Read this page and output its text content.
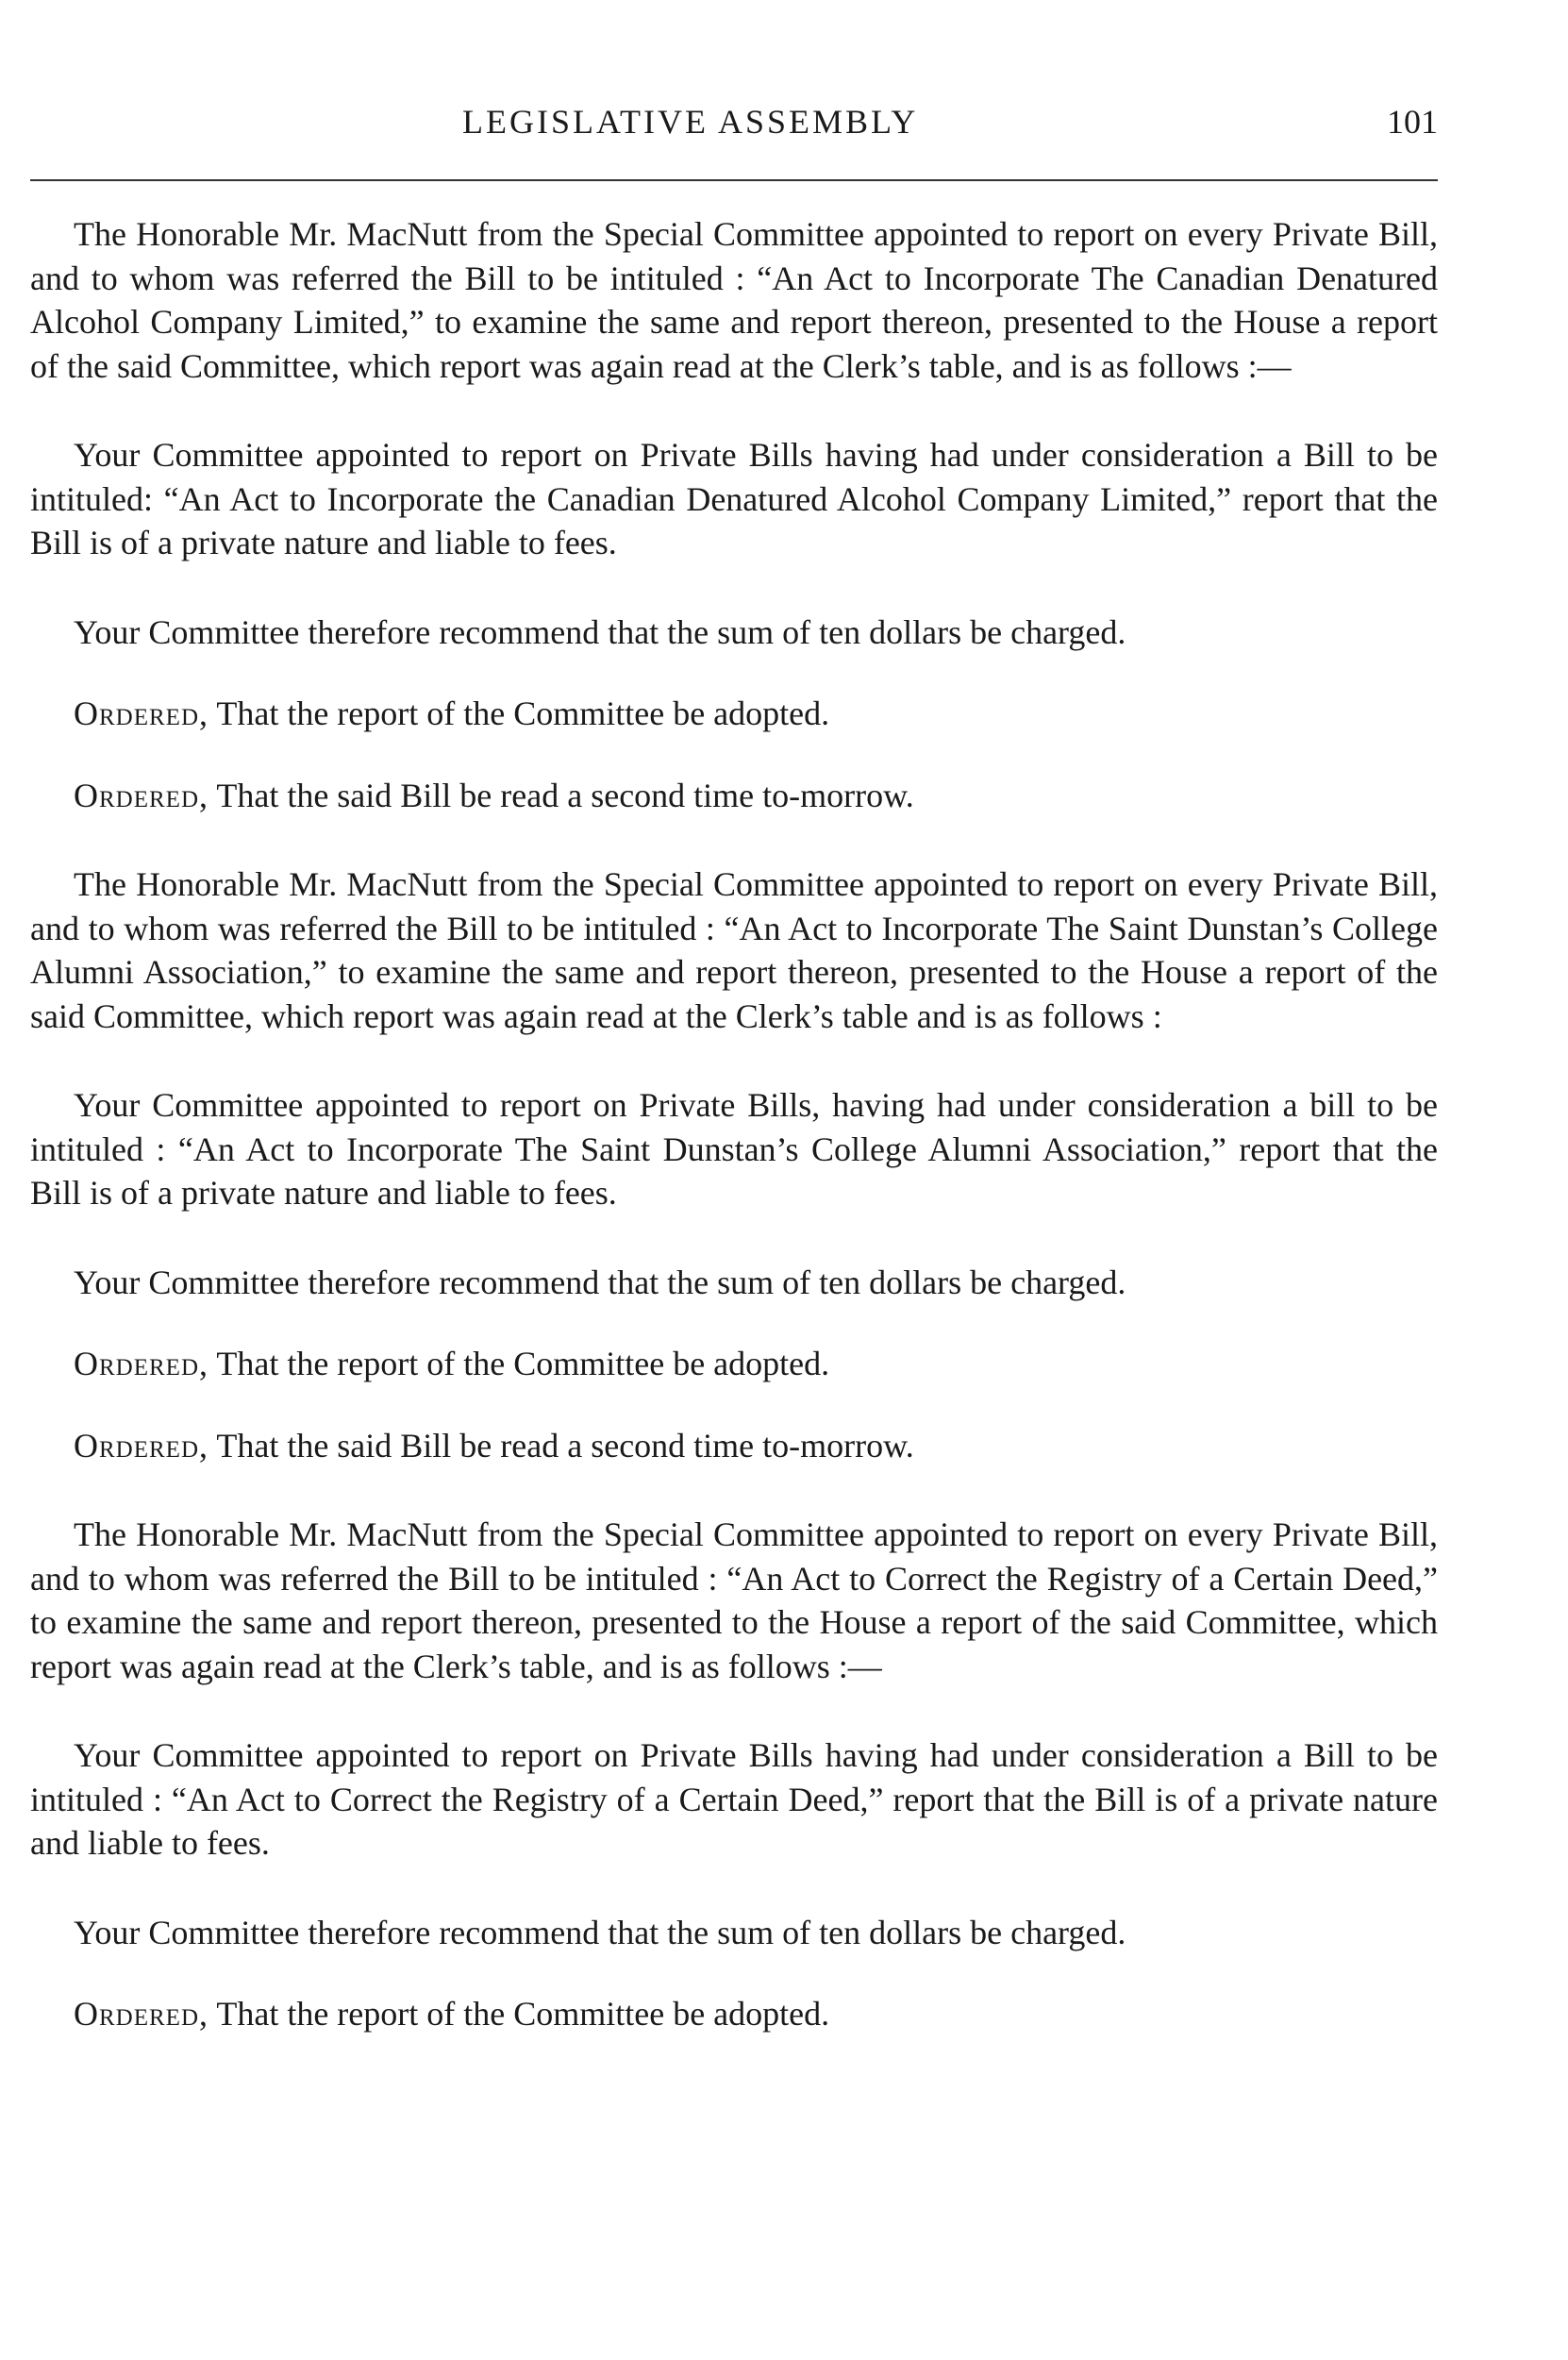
LEGISLATIVE ASSEMBLY	101

The Honorable Mr. MacNutt from the Special Committee appointed to report on every Private Bill, and to whom was referred the Bill to be intituled : “An Act to Incorporate The Canadian Denatured Alcohol Company Limited,” to examine the same and report thereon, presented to the House a report of the said Committee, which report was again read at the Clerk’s table, and is as follows :—

Your Committee appointed to report on Private Bills having had under consideration a Bill to be intituled: “An Act to Incorporate the Canadian Denatured Alcohol Company Limited,” report that the Bill is of a private nature and liable to fees.

Your Committee therefore recommend that the sum of ten dollars be charged.

Ordered, That the report of the Committee be adopted.

Ordered, That the said Bill be read a second time to-morrow.

The Honorable Mr. MacNutt from the Special Committee appointed to report on every Private Bill, and to whom was referred the Bill to be intituled : “An Act to Incorporate The Saint Dunstan’s College Alumni Association,” to examine the same and report thereon, presented to the House a report of the said Committee, which report was again read at the Clerk’s table and is as follows :

Your Committee appointed to report on Private Bills, having had under consideration a bill to be intituled : “An Act to Incorporate The Saint Dunstan’s College Alumni Association,” report that the Bill is of a private nature and liable to fees.

Your Committee therefore recommend that the sum of ten dollars be charged.

Ordered, That the report of the Committee be adopted.

Ordered, That the said Bill be read a second time to-morrow.

The Honorable Mr. MacNutt from the Special Committee appointed to report on every Private Bill, and to whom was referred the Bill to be intituled : “An Act to Correct the Registry of a Certain Deed,” to examine the same and report thereon, presented to the House a report of the said Committee, which report was again read at the Clerk’s table, and is as follows :—

Your Committee appointed to report on Private Bills having had under consideration a Bill to be intituled : “An Act to Correct the Registry of a Certain Deed,” report that the Bill is of a private nature and liable to fees.

Your Committee therefore recommend that the sum of ten dollars be charged.

Ordered, That the report of the Committee be adopted.
